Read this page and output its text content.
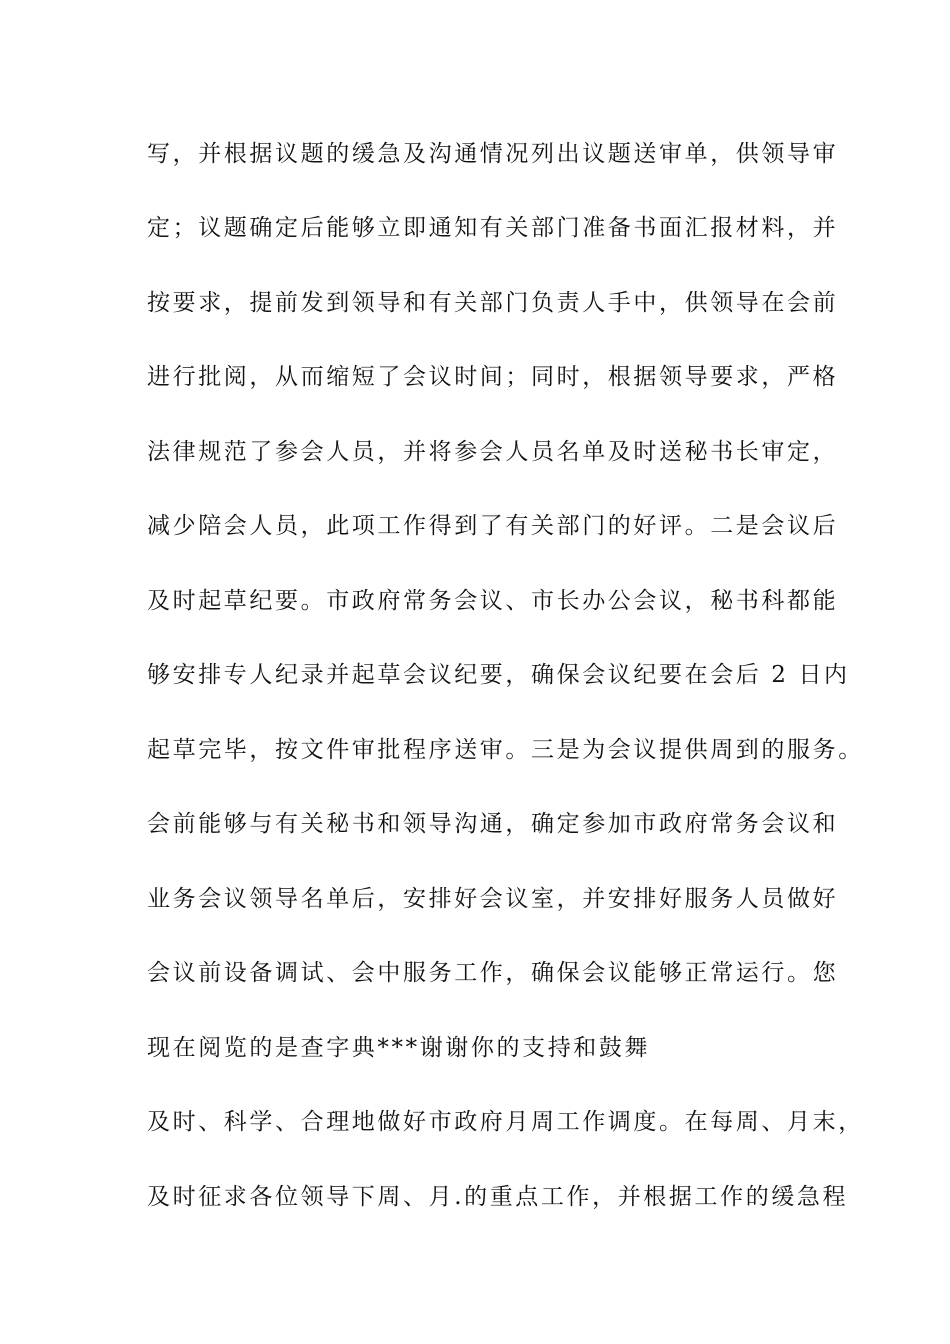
写，并根据议题的缓急及沟通情况列出议题送审单，供领导审
定；议题确定后能够立即通知有关部门准备书面汇报材料，并
按要求，提前发到领导和有关部门负责人手中，供领导在会前
进行批阅，从而缩短了会议时间；同时，根据领导要求，严格
法律规范了参会人员，并将参会人员名单及时送秘书长审定，
减少陪会人员，此项工作得到了有关部门的好评。二是会议后
及时起草纪要。市政府常务会议、市长办公会议，秘书科都能
够安排专人纪录并起草会议纪要，确保会议纪要在会后 2 日内
起草完毕，按文件审批程序送审。三是为会议提供周到的服务。
会前能够与有关秘书和领导沟通，确定参加市政府常务会议和
业务会议领导名单后，安排好会议室，并安排好服务人员做好
会议前设备调试、会中服务工作，确保会议能够正常运行。您
现在阅览的是查字典***谢谢你的支持和鼓舞
及时、科学、合理地做好市政府月周工作调度。在每周、月末，
及时征求各位领导下周、月.的重点工作，并根据工作的缓急程
